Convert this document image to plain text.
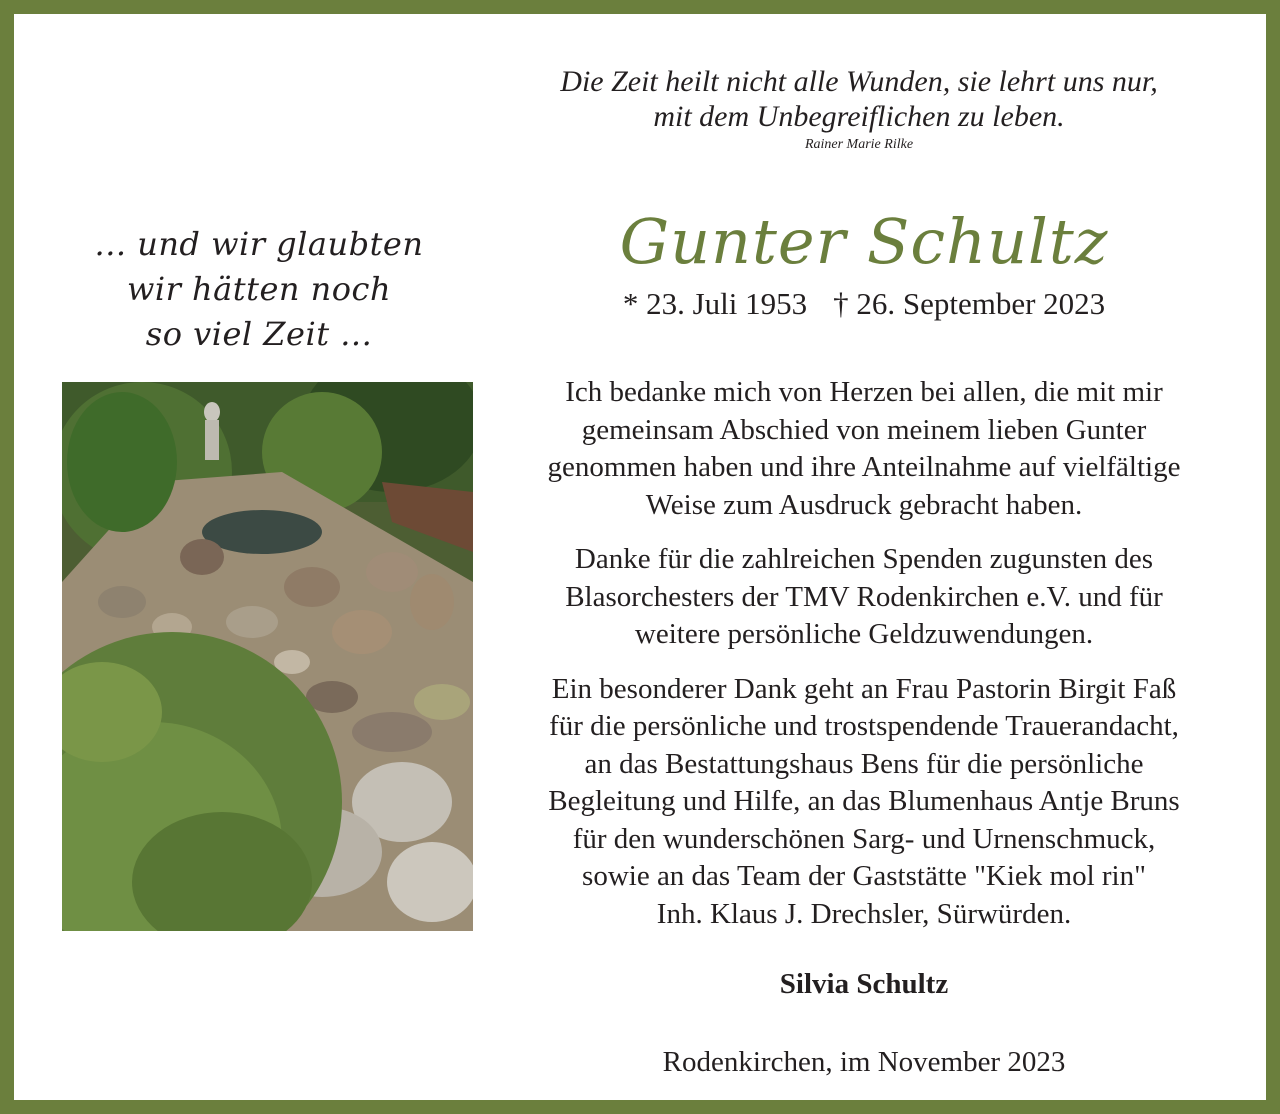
Die Zeit heilt nicht alle Wunden, sie lehrt uns nur,
mit dem Unbegreiflichen zu leben.
Rainer Marie Rilke
... und wir glaubten
wir hätten noch
so viel Zeit ...
Gunter Schultz
* 23. Juli 1953 † 26. September 2023

Ich bedanke mich von Herzen bei allen, die mit mir
gemeinsam Abschied von meinem lieben Gunter
genommen haben und ihre Anteilnahme auf vielfältige
Weise zum Ausdruck gebracht haben.

Danke für die zahlreichen Spenden zugunsten des
Blasorchesters der TMV Rodenkirchen e.V. und für
weitere persönliche Geldzuwendungen.

Ein besonderer Dank geht an Frau Pastorin Birgit Faß
für die persönliche und trostspendende Trauerandacht,
an das Bestattungshaus Bens für die persönliche
Begleitung und Hilfe, an das Blumenhaus Antje Bruns
für den wunderschönen Sarg- und Urnenschmuck,
sowie an das Team der Gaststätte "Kiek mol rin"
Inh. Klaus J. Drechsler, Sürwürden.

Silvia Schultz
Rodenkirchen, im November 2023
